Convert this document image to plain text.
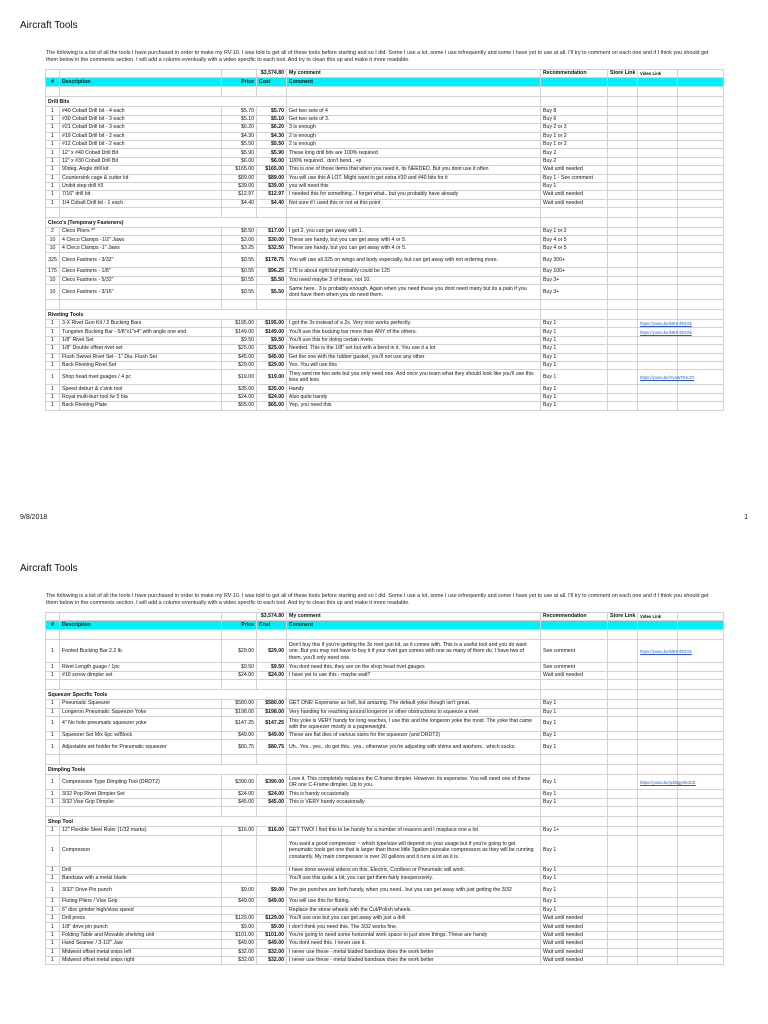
Aircraft Tools
The following is a list of all the tools I have purchased in order to make my RV-10. I was told to get all of these tools before starting and so I did. Some I use a lot, some I use infrequently and some I have yet to use at all. I'll try to comment on each one and if I think you should get them below in the comments section. I will add a column eventually with a video specific to each tool. And try to clean this up and make it more readable.
			$3,574.80	My comment	Recommendation	Store Link	Video Link	
#	Description	Price	Cost	Comment				

Drill Bits								
1	#40 Cobalt Drill bit - 4 each	$5.70	$5.70	Get two sets of 4	Buy 8			
1	#30 Cobalt Drill bit - 3 each	$5.10	$5.10	Get two sets of 3.	Buy 6			
1	#21 Cobalt Drill bit - 3 each	$6.20	$6.20	3 is enough	Buy 2 or 3			
1	#19 Cobalt Drill bit - 2 each	$4.30	$4.30	2 is enough	Buy 1 or 2			
1	#12 Cobalt Drill bit - 2 each	$5.50	$5.50	2 is enough	Buy 1 or 2			
1	12" x #40 Cobalt Drill Bit	$5.90	$5.90	These long drill bits are 100% required	Buy 2			
1	12" x #30 Cobalt Drill Bit	$6.00	$6.00	100% required.. don't bend.. +p	Buy 2			
1	90deg. Angle drill kit	$165.00	$165.00	This is one of those items that when you need it, its NEEDED. But you dont use it often	Wait until needed			
1	Countersink cage & cutter kit	$89.00	$89.00	You will use this A LOT. Might want to get extra #30 and #40 bits for it	Buy 1 - See comment			
1	Unibit step drill #3	$39.00	$39.00	you will need this	Buy 1			
1	7/16" drill bit	$12.97	$12.97	I needed this for something.. I forget what.. but you probably have already	Wait until needed			
1	1/4 Cobalt Drill bit - 1 each	$4.40	$4.40	Not sure if I used this or not at this point	Wait until needed			

Cleco's (Temporary Fasteners)								
2	Cleco Pliers **	$8.50	$17.00	I got 2, you can get away with 1.	Buy 1 or 2			
10	4 Cleco Clamps -1/2" Jaws	$3.00	$30.00	These are handy, but you can get away with 4 or 5.	Buy 4 or 5			
10	4 Cleco Clamps -1" Jaws	$3.25	$32.50	These are handy, but you can get away with 4 or 5.	Buy 4 or 5			
325	Cleco Fastners - 3/32"	$0.55	$178.75	You will use all 325 on wings and body especially, but can get away with not ordering more.	Buy 300+			
175	Cleco Fastners - 1/8"	$0.55	$96.25	175 is about right but probably could be 125	Buy 100+			
10	Cleco Fastners - 5/32"	$0.55	$5.50	You need maybe 3 of these, not 10.	Buy 3+			
10	Cleco Fastners - 3/16"	$0.55	$5.50	Same here.. 3 is probably enough. Again when you need these you dont need many but its a pain if you dont have them when you do need them.	Buy 3+			

Riveting Tools								
1	3-X Rivet Gun Kit / 2 Bucking Bars	$195.00	$195.00	I got the 3x instead of a 2x. Very nice works perfectly.	Buy 1		https://youtu.be/k9Hnf4GGk	
1	Tungsten Bucking Bar - 5/8"x1"x4" with angle one end	$149.00	$149.00	You'll use this bucking bar more than ANY of the others.	Buy 1		https://youtu.be/k9Hnf4GGk	
1	1/8" Rivet Set	$9.50	$9.50	You'll use this for doing certain rivets	Buy 1			
1	1/8" Double offset rivet set	$25.00	$25.00	Needed. This is the 1/8" set but with a bend in it. You use it a lot	Buy 1			
1	Flush Swivel Rivet Set - 1" Dia. Flush Set	$45.00	$45.00	Get the one with the rubber gasket, you'll not use any other	Buy 1			
1	Back Riveting Rivet Set	$29.00	$29.00	Yes. You will use this	Buy 1			
1	Shop head rivet guages / 4 pc	$19.00	$19.00	They sent me two sets but you only need one. And once you learn what they should look like you'll use this less and less	Buy 1		https://youtu.be/YvaW7IHrJ7I	
1	Speed deburr & c'sink tool	$35.00	$35.00	Handy	Buy 1			
1	Royal multi-burr tool /w 5 bla	$24.00	$24.00	Also quite handy	Buy 1			
1	Back Riveting Plate	$65.00	$65.00	Yep, you need this	Buy 1			
9/8/2018	1
Aircraft Tools
The following is a list of all the tools I have purchased in order to make my RV-10. I was told to get all of these tools before starting and so I did. Some I use a lot, some I use infrequently and some I have yet to use at all. I'll try to comment on each one and if I think you should get them below in the comments section. I will add a column eventually with a video specific to each tool. And try to clean this up and make it more readable.
			$3,574.80	My comment	Recommendation	Store Link	Video Link	
#	Description	Price	Cost	Comment				

1	Footed Bucking Bar 2.2 lb.	$29.00	$29.00	Don't buy this if you're getting the 3x rivet gun kit, as it comes with. This is a useful tool and you do want one. But you may not have to buy it if your rivet gun comes with one as many of them do. I have two of them, you'll only need one.	See comment		https://youtu.be/k9Hnf4GGk	
1	Rivet Length guage / 1pc	$9.50	$9.50	You dont need this, they are on the shop head rivet gauges	See comment			
1	#10 screw dimpler set	$24.00	$24.00	I have yet to use this - maybe wait?	Wait until needed			

Squeezer Specific Tools								
1	Pneumatic Squeezer	$580.00	$580.00	GET ONE! Expensive as hell, but amazing. The default yoke though isn't great.	Buy 1			
1	Longeron Pneumatic Squeezer Yoke	$198.00	$198.00	Very handing for reaching around longeron or other obstructions to squeeze a rivet	Buy 1			
1	4" No hole pneumatic squeezer yoke	$147.25	$147.25	This yoke is VERY handy for long reaches, I use this and the longeron yoke the most. The yoke that came with the squeezer mostly is a paperweight.	Buy 1			
1	Squeezer Set Mix 6pc w/Block	$49.00	$49.00	These are flat dies of various sizes for the squeezer (and DRDT2)	Buy 1			
1	Adjustable set holder for Pneumatic squeezer	$80.75	$80.75	Uh.. Yes.. yes.. do get this.. yes.. otherwise you're adjusting with shims and washers.. which sucks.	Buy 1			

Dimpling Tools								
1	Compression Type Dimpling Tool (DRDT2)	$390.00	$390.00	Love it. This completely replaces the C-frame dimpler. However, its expensive. You will need one of these OR one C-Frame dimpler. Up to you.	Buy 1		https://youtu.be/p3i8gyGkdCE	
1	3/32 Pop Rivet Dimpler Set	$24.00	$24.00	This is handy occasionally	Buy 1			
1	3/32 Vise Grip Dimpler	$45.00	$45.00	This is VERY handy occasionally	Buy 1			

Shop Tool								
1	12" Flexible Steel Ruler (1/32 marks)	$16.00	$16.00	GET TWO! I find this to be handy for a number of reasons and I misplace one a lot	Buy 1+			
1	Compressor			You want a good compressor ~ which type/size will depend on your usage but if you're going to get penumatic tools get one that is larger than those little 3gallon pancake compressors as they will be running constantly. My main compressor is over 20 gallons and it runs a lot as it is.	Buy 1			
1	Drill			I have done several videos on this. Electric, Cordless or Pneumatic will work.	Buy 1			
1	Bandsaw with a metal blade			You'll use this quite a bit, you can get them fairly inexpensively.	Buy 1			
1	3/32" Drive Pin punch	$9.00	$9.00	The pin punches are both handy, when you need.. but you can get away with just getting the 3/32	Buy 1			
1	Fluting Pliers / Vise Grip	$49.00	$49.00	You will use this for fluting.	Buy 1			
1	6" disc grinder high/slow speed			Replace the stone wheels with the Cut/Polish wheels.	Buy 1			
1	Drill press	$129.00	$129.00	You'll use one but you can get away with just a drill	Wait until needed			
1	1/8" drive pin punch	$9.00	$9.00	I don't think you need this. The 3/32 works fine.	Wait until needed			
1	Folding Table and Movable shelving unit	$101.00	$101.00	You're going to need some horizontal work space to just store things. These are handy	Wait until needed			
1	Hand Seamer / 3-1/2" Jaw	$49.00	$49.00	You dont need this. I never use it.	Wait until needed			
1	Midwest offset metal snips left	$32.00	$32.00	I never use these - metal bladed bandsaw does the work better	Wait until needed			
1	Midwest offset metal snips right	$32.00	$32.00	I never use these - metal bladed bandsaw does the work better	Wait until needed			
